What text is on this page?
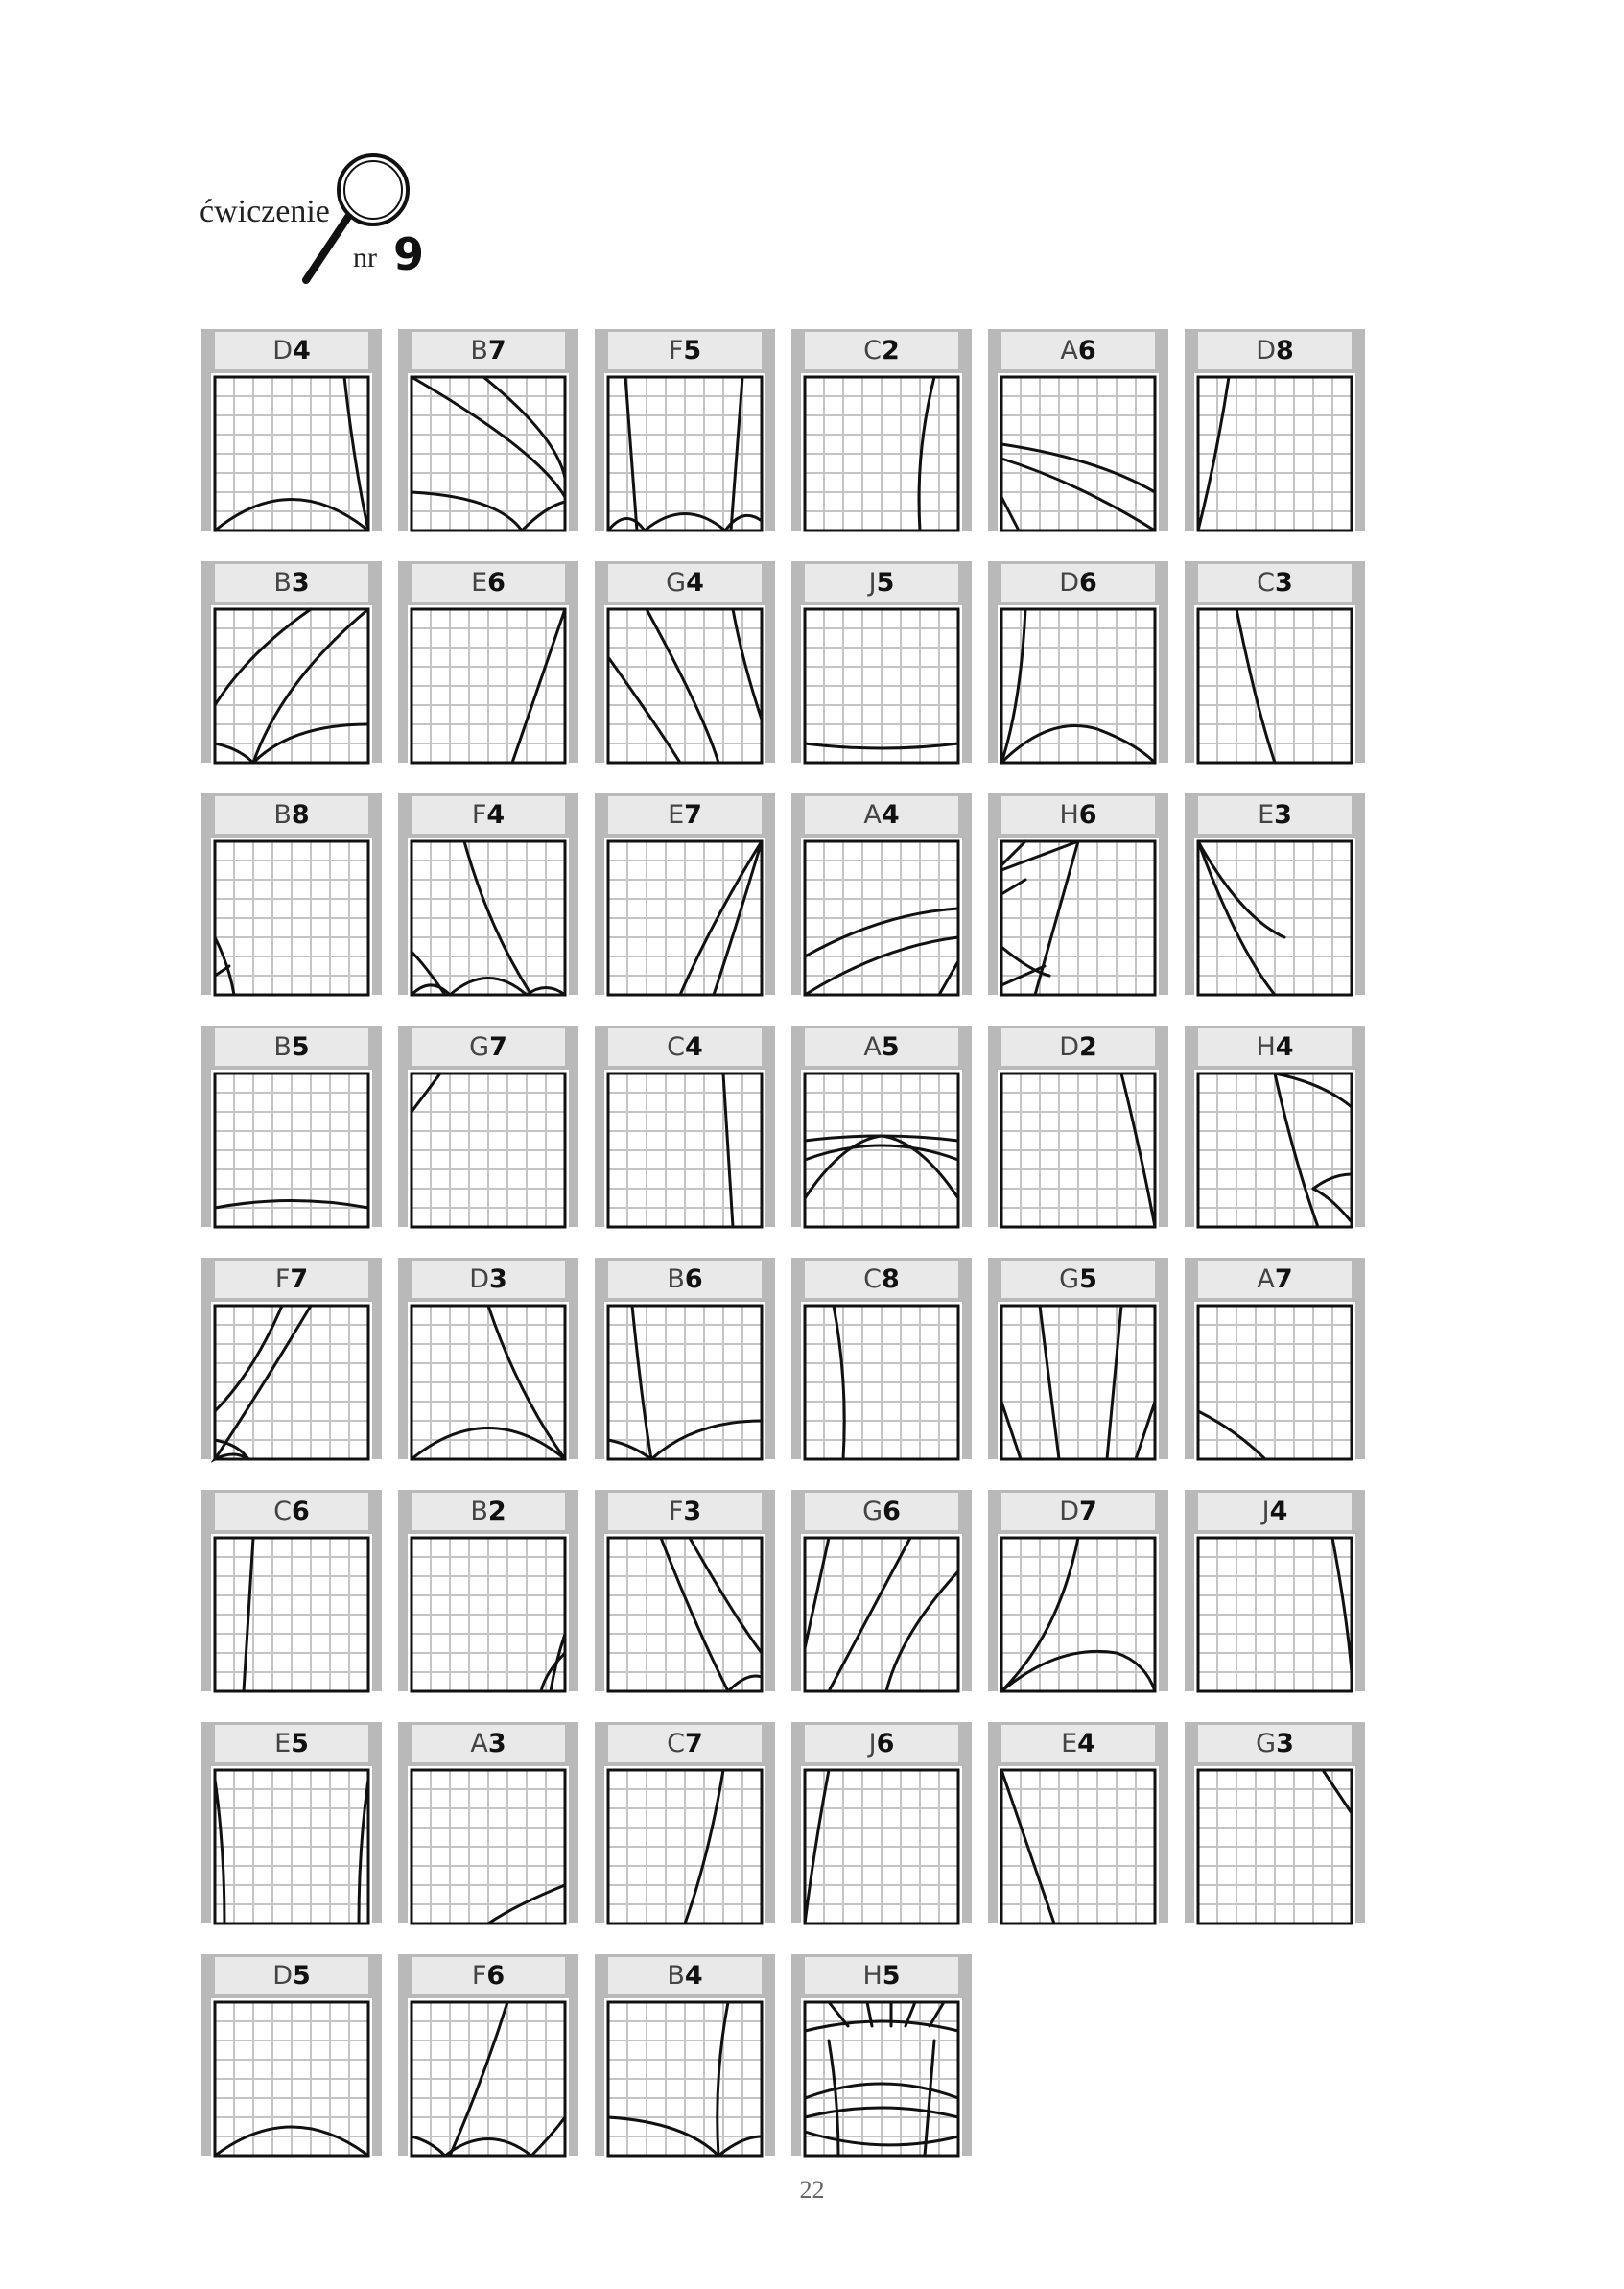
ćwiczenie
nr 9
D4	B7	F5	C2	A6	D8
B3	E6	G4	J5	D6	C3
B8	F4	E7	A4	H6	E3
B5	G7	C4	A5	D2	H4
F7	D3	B6	C8	G5	A7
C6	B2	F3	G6	D7	J4
E5	A3	C7	J6	E4	G3
D5	F6	B4	H5
22
